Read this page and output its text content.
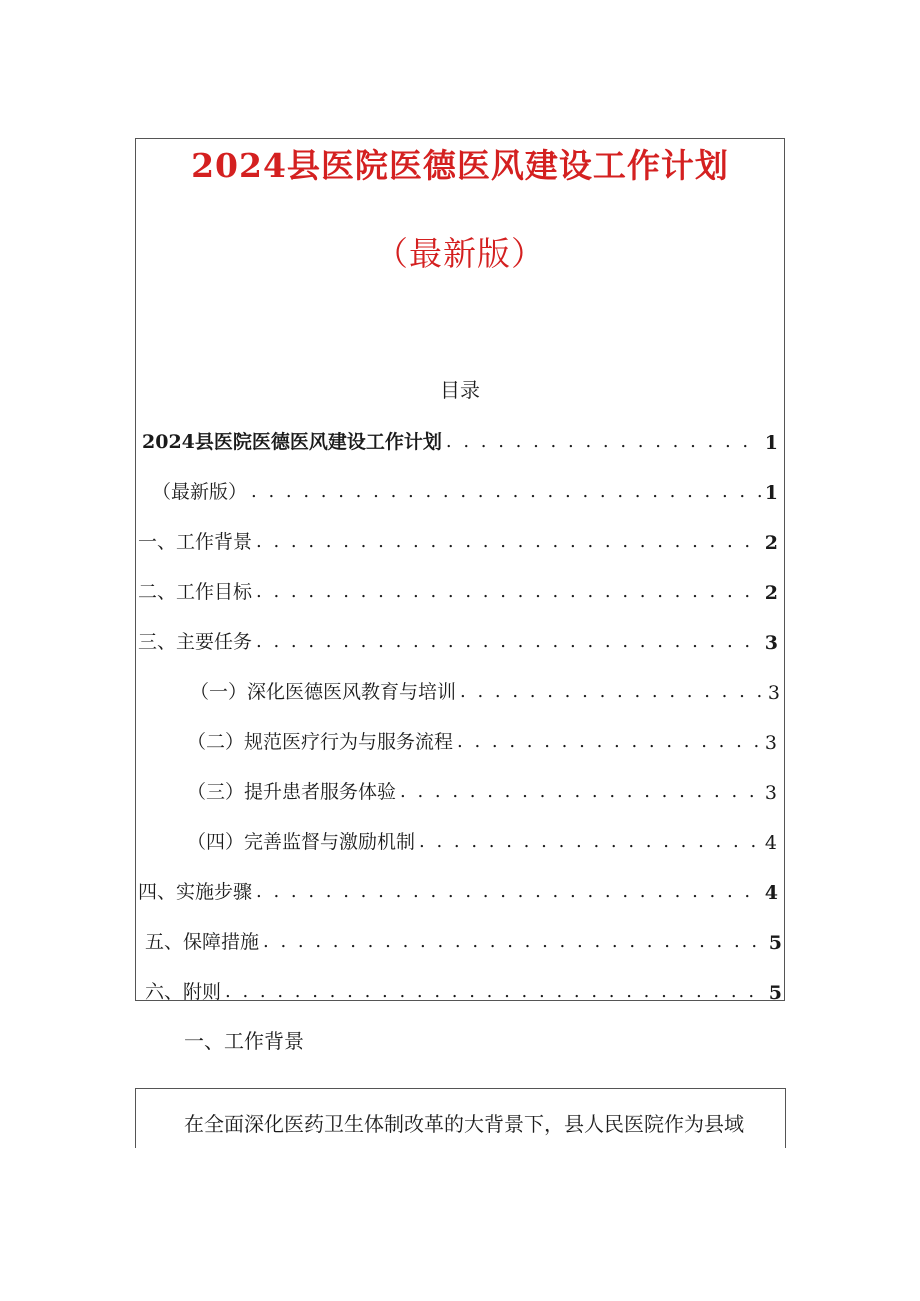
2024县医院医德医风建设工作计划
（最新版）
目录
2024县医院医德医风建设工作计划 . . .	1
（最新版） . . .	1
一、工作背景 . . .	2
二、工作目标 . . .	2
三、主要任务 . . .	3
（一）深化医德医风教育与培训 . . .	3
（二）规范医疗行为与服务流程 . . .	3
（三）提升患者服务体验 . . .	3
（四）完善监督与激励机制 . . .	4
四、实施步骤 . . .	4
五、保障措施 . . .	5
六、附则 . . .	5
一、工作背景
在全面深化医药卫生体制改革的大背景下，县人民医院作为县域
